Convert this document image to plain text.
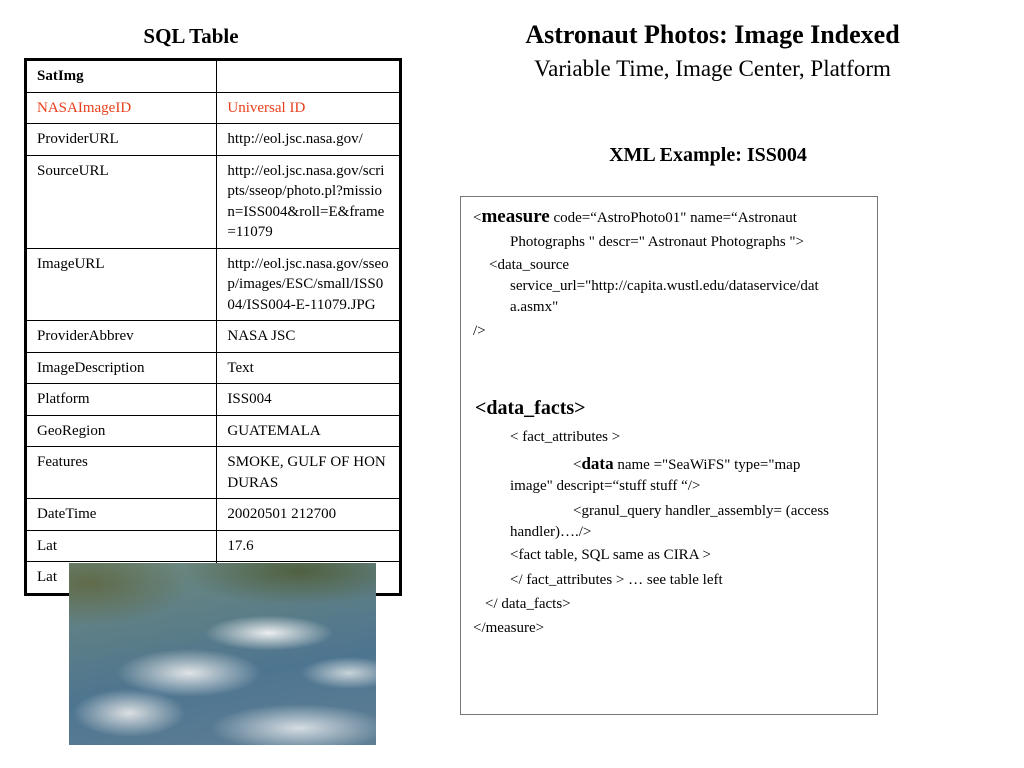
SQL Table	Astronaut Photos: Image Indexed
Variable Time, Image Center, Platform
XML Example: ISS004
SatImg	
NASAImageID	Universal ID
ProviderURL	http://eol.jsc.nasa.gov/
SourceURL	http://eol.jsc.nasa.gov/scripts/sseop/photo.pl?mission=ISS004&roll=E&frame=11079
ImageURL	http://eol.jsc.nasa.gov/sseop/images/ESC/small/ISS004/ISS004-E-11079.JPG
ProviderAbbrev	NASA JSC
ImageDescription	Text
Platform	ISS004
GeoRegion	GUATEMALA
Features	SMOKE, GULF OF HONDURAS
DateTime	20020501 212700
Lat	17.6
Lat	
<measure code=“AstroPhoto01" name=“Astronaut
Photographs " descr=" Astronaut Photographs ">
<data_source
service_url="http://capita.wustl.edu/dataservice/dat
a.asmx"
/>
<data_facts>
< fact_attributes >
<data name ="SeaWiFS" type="map
image" descript=“stuff stuff “/>
<granul_query handler_assembly= (access
handler)…./>
<fact table, SQL same as CIRA >
</ fact_attributes > … see table left
</ data_facts>
</measure>
